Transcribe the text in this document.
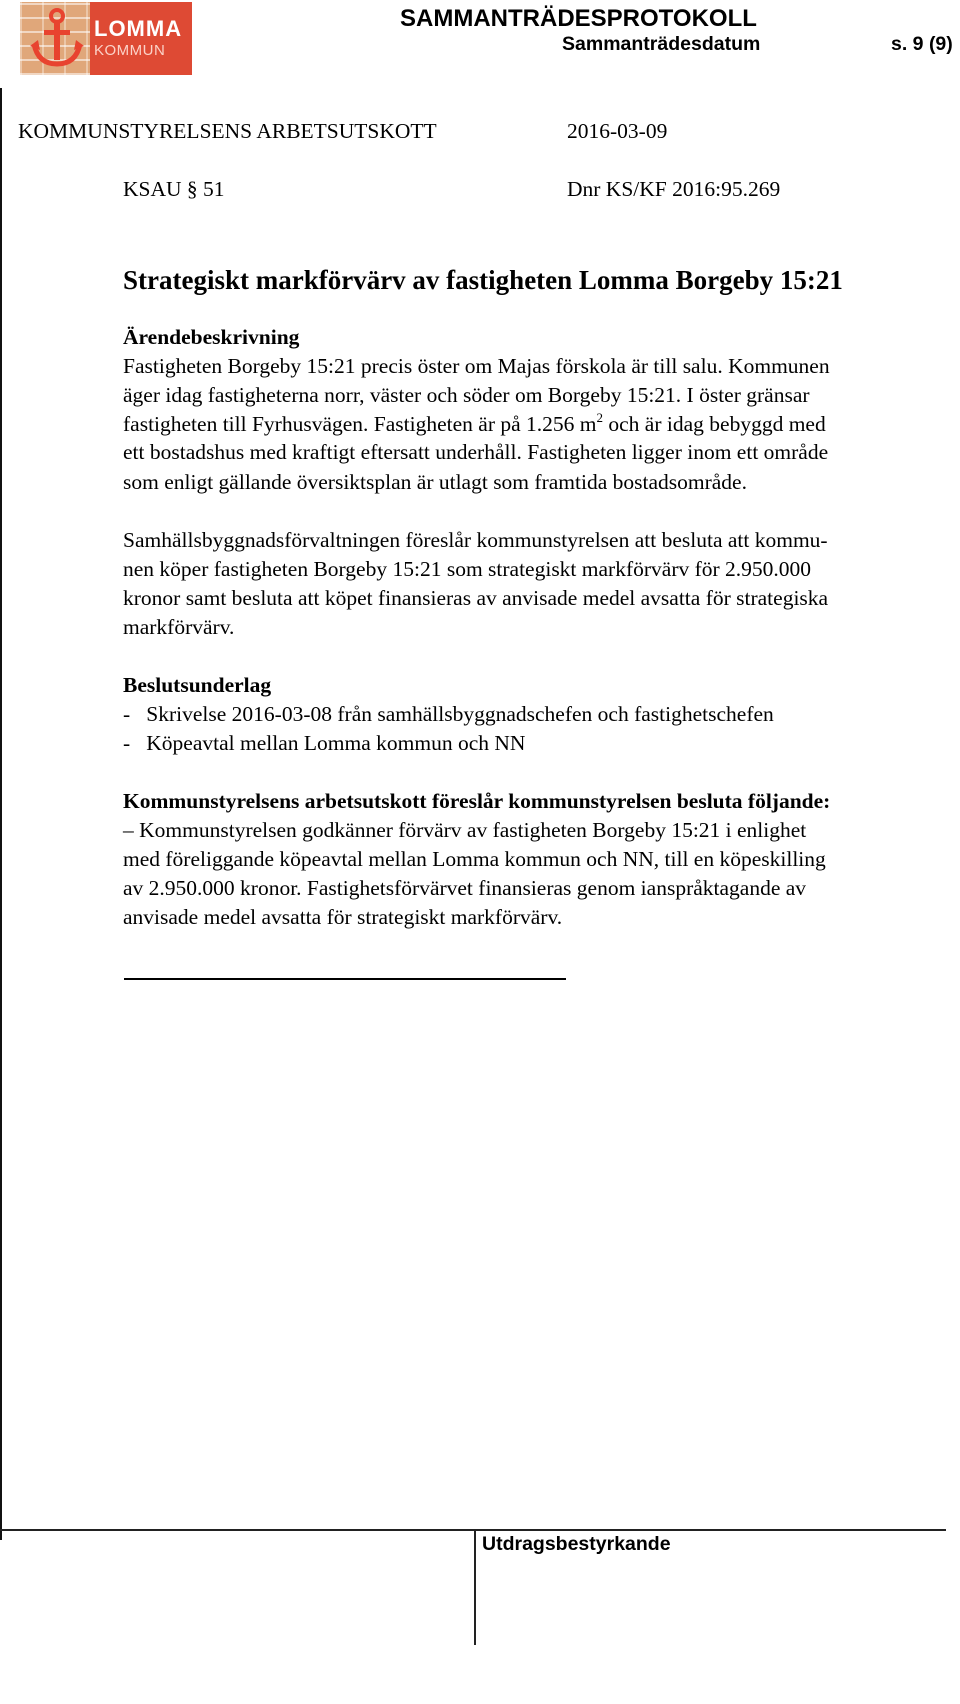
LOMMA
KOMMUN
SAMMANTRÄDESPROTOKOLL
Sammanträdesdatum	s. 9 (9)
KOMMUNSTYRELSENS ARBETSUTSKOTT	2016-03-09
KSAU § 51	Dnr KS/KF 2016:95.269
Strategiskt markförvärv av fastigheten Lomma Borgeby 15:21
Ärendebeskrivning
Fastigheten Borgeby 15:21 precis öster om Majas förskola är till salu. Kommunen
äger idag fastigheterna norr, väster och söder om Borgeby 15:21. I öster gränsar
fastigheten till Fyrhusvägen. Fastigheten är på 1.256 $m^2$ och är idag bebyggd med
ett bostadshus med kraftigt eftersatt underhåll. Fastigheten ligger inom ett område
som enligt gällande översiktsplan är utlagt som framtida bostadsområde.
Samhällsbyggnadsförvaltningen föreslår kommunstyrelsen att besluta att kommu-
nen köper fastigheten Borgeby 15:21 som strategiskt markförvärv för 2.950.000
kronor samt besluta att köpet finansieras av anvisade medel avsatta för strategiska
markförvärv.
Beslutsunderlag
-   Skrivelse 2016-03-08 från samhällsbyggnadschefen och fastighetschefen
-   Köpeavtal mellan Lomma kommun och NN
Kommunstyrelsens arbetsutskott föreslår kommunstyrelsen besluta följande:
– Kommunstyrelsen godkänner förvärv av fastigheten Borgeby 15:21 i enlighet
med föreliggande köpeavtal mellan Lomma kommun och NN, till en köpeskilling
av 2.950.000 kronor. Fastighetsförvärvet finansieras genom ianspråktagande av
anvisade medel avsatta för strategiskt markförvärv.
Utdragsbestyrkande
